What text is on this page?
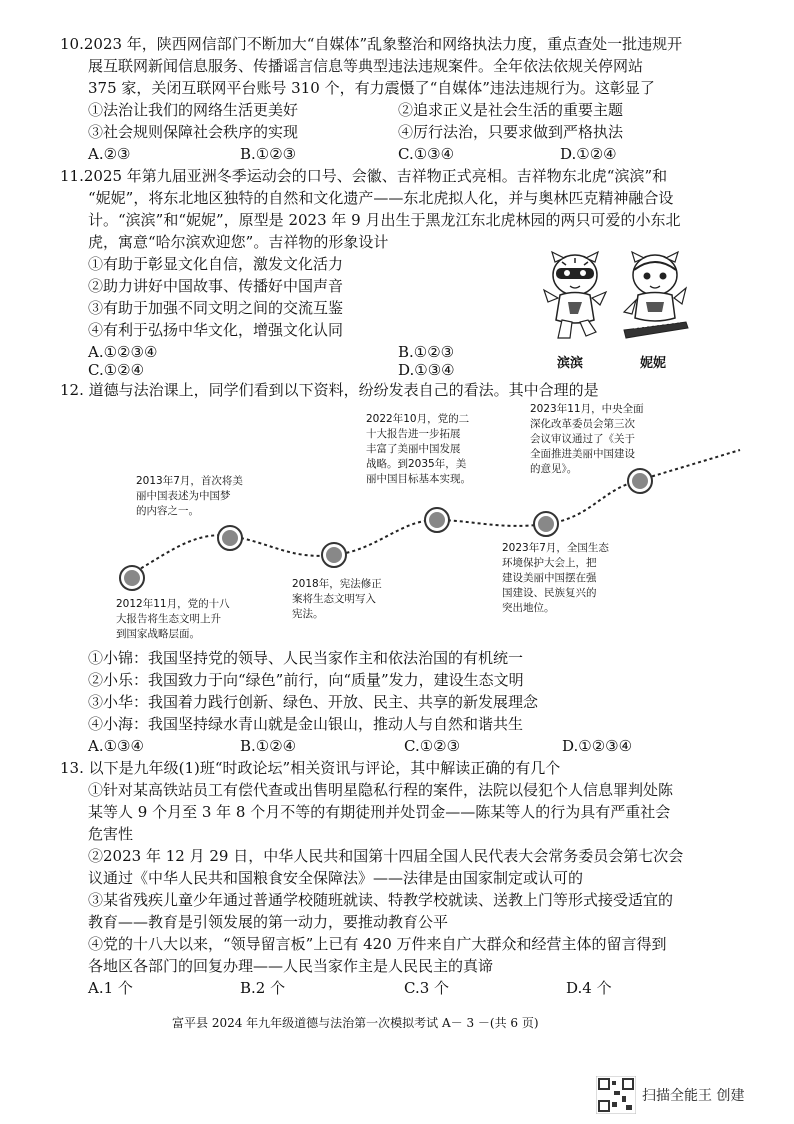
10.2023 年，陕西网信部门不断加大“自媒体”乱象整治和网络执法力度，重点查处一批违规开
展互联网新闻信息服务、传播谣言信息等典型违法违规案件。全年依法依规关停网站
375 家，关闭互联网平台账号 310 个，有力震慑了“自媒体”违法违规行为。这彰显了
①法治让我们的网络生活更美好	②追求正义是社会生活的重要主题
③社会规则保障社会秩序的实现	④厉行法治，只要求做到严格执法
A.②③	B.①②③	C.①③④	D.①②④
11.2025 年第九届亚洲冬季运动会的口号、会徽、吉祥物正式亮相。吉祥物东北虎“滨滨”和
“妮妮”，将东北地区独特的自然和文化遗产——东北虎拟人化，并与奥林匹克精神融合设
计。“滨滨”和“妮妮”，原型是 2023 年 9 月出生于黑龙江东北虎林园的两只可爱的小东北
虎，寓意“哈尔滨欢迎您”。吉祥物的形象设计
①有助于彰显文化自信，激发文化活力
②助力讲好中国故事、传播好中国声音
③有助于加强不同文明之间的交流互鉴
④有利于弘扬中华文化，增强文化认同
A.①②③④	B.①②③
C.①②④	D.①③④	滨滨	妮妮
12. 道德与法治课上，同学们看到以下资料，纷纷发表自己的看法。其中合理的是
2012年11月，党的十八
大报告将生态文明上升
到国家战略层面。
2013年7月，首次将美
丽中国表述为中国梦
的内容之一。
2018年，宪法修正
案将生态文明写入
宪法。
2022年10月，党的二
十大报告进一步拓展
丰富了美丽中国发展
战略。到2035年，美
丽中国目标基本实现。
2023年7月，全国生态
环境保护大会上，把
建设美丽中国摆在强
国建设、民族复兴的
突出地位。
2023年11月，中央全面
深化改革委员会第三次
会议审议通过了《关于
全面推进美丽中国建设
的意见》。
①小锦：我国坚持党的领导、人民当家作主和依法治国的有机统一
②小乐：我国致力于向“绿色”前行，向“质量”发力，建设生态文明
③小华：我国着力践行创新、绿色、开放、民主、共享的新发展理念
④小海：我国坚持绿水青山就是金山银山，推动人与自然和谐共生
A.①③④	B.①②④	C.①②③	D.①②③④
13. 以下是九年级(1)班“时政论坛”相关资讯与评论，其中解读正确的有几个
①针对某高铁站员工有偿代查或出售明星隐私行程的案件，法院以侵犯个人信息罪判处陈
某等人 9 个月至 3 年 8 个月不等的有期徒刑并处罚金——陈某等人的行为具有严重社会
危害性
②2023 年 12 月 29 日，中华人民共和国第十四届全国人民代表大会常务委员会第七次会
议通过《中华人民共和国粮食安全保障法》——法律是由国家制定或认可的
③某省残疾儿童少年通过普通学校随班就读、特教学校就读、送教上门等形式接受适宜的
教育——教育是引领发展的第一动力，要推动教育公平
④党的十八大以来，“领导留言板”上已有 420 万件来自广大群众和经营主体的留言得到
各地区各部门的回复办理——人民当家作主是人民民主的真谛
A.1 个	B.2 个	C.3 个	D.4 个
富平县 2024 年九年级道德与法治第一次模拟考试 A－ 3 －(共 6 页)
扫描全能王 创建
